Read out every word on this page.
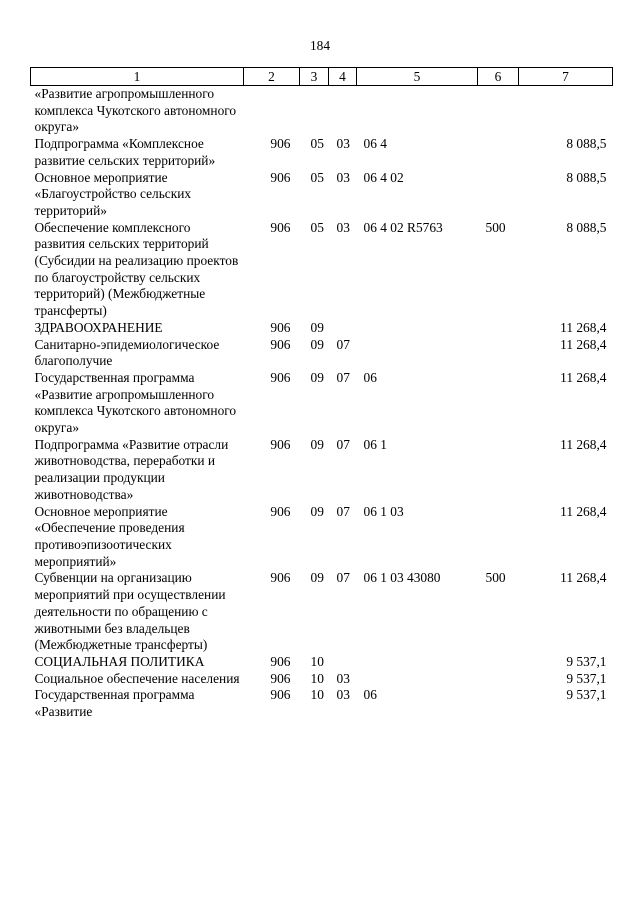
184
1	2	3	4	5	6	7
«Развитие агропромышленного комплекса Чукотского автономного округа»						
Подпрограмма «Комплексное развитие сельских территорий»	906	05	03	06 4		8 088,5
Основное мероприятие «Благоустройство сельских территорий»	906	05	03	06 4 02		8 088,5
Обеспечение комплексного развития сельских территорий (Субсидии на реализацию проектов по благоустройству сельских территорий) (Межбюджетные трансферты)	906	05	03	06 4 02 R5763	500	8 088,5
ЗДРАВООХРАНЕНИЕ	906	09				11 268,4
Санитарно-эпидемиологическое благополучие	906	09	07			11 268,4
Государственная программа «Развитие агропромышленного комплекса Чукотского автономного округа»	906	09	07	06		11 268,4
Подпрограмма «Развитие отрасли животноводства, переработки и реализации продукции животноводства»	906	09	07	06 1		11 268,4
Основное мероприятие «Обеспечение проведения противоэпизоотических мероприятий»	906	09	07	06 1 03		11 268,4
Субвенции на организацию мероприятий при осуществлении деятельности по обращению с животными без владельцев (Межбюджетные трансферты)	906	09	07	06 1 03 43080	500	11 268,4
СОЦИАЛЬНАЯ ПОЛИТИКА	906	10				9 537,1
Социальное обеспечение населения	906	10	03			9 537,1
Государственная программа «Развитие	906	10	03	06		9 537,1
